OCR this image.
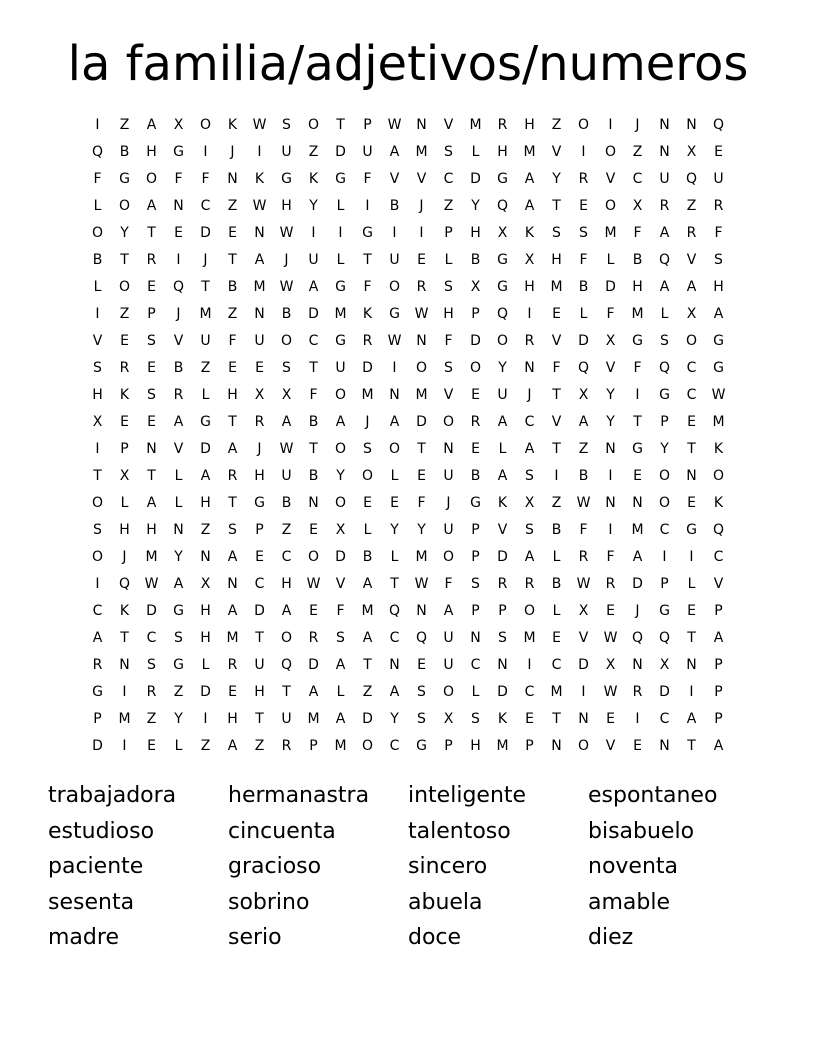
la familia/adjetivos/numeros
I	Z	A	X	O	K	W	S	O	T	P	W	N	V	M	R	H	Z	O	I	J	N	N	Q
Q	B	H	G	I	J	I	U	Z	D	U	A	M	S	L	H	M	V	I	O	Z	N	X	E
F	G	O	F	F	N	K	G	K	G	F	V	V	C	D	G	A	Y	R	V	C	U	Q	U
L	O	A	N	C	Z	W	H	Y	L	I	B	J	Z	Y	Q	A	T	E	O	X	R	Z	R
O	Y	T	E	D	E	N	W	I	I	G	I	I	P	H	X	K	S	S	M	F	A	R	F
B	T	R	I	J	T	A	J	U	L	T	U	E	L	B	G	X	H	F	L	B	Q	V	S
L	O	E	Q	T	B	M	W	A	G	F	O	R	S	X	G	H	M	B	D	H	A	A	H
I	Z	P	J	M	Z	N	B	D	M	K	G	W	H	P	Q	I	E	L	F	M	L	X	A
V	E	S	V	U	F	U	O	C	G	R	W	N	F	D	O	R	V	D	X	G	S	O	G
S	R	E	B	Z	E	E	S	T	U	D	I	O	S	O	Y	N	F	Q	V	F	Q	C	G
H	K	S	R	L	H	X	X	F	O	M	N	M	V	E	U	J	T	X	Y	I	G	C	W
X	E	E	A	G	T	R	A	B	A	J	A	D	O	R	A	C	V	A	Y	T	P	E	M
I	P	N	V	D	A	J	W	T	O	S	O	T	N	E	L	A	T	Z	N	G	Y	T	K
T	X	T	L	A	R	H	U	B	Y	O	L	E	U	B	A	S	I	B	I	E	O	N	O
O	L	A	L	H	T	G	B	N	O	E	E	F	J	G	K	X	Z	W	N	N	O	E	K
S	H	H	N	Z	S	P	Z	E	X	L	Y	Y	U	P	V	S	B	F	I	M	C	G	Q
O	J	M	Y	N	A	E	C	O	D	B	L	M	O	P	D	A	L	R	F	A	I	I	C
I	Q	W	A	X	N	C	H	W	V	A	T	W	F	S	R	R	B	W	R	D	P	L	V
C	K	D	G	H	A	D	A	E	F	M	Q	N	A	P	P	O	L	X	E	J	G	E	P
A	T	C	S	H	M	T	O	R	S	A	C	Q	U	N	S	M	E	V	W	Q	Q	T	A
R	N	S	G	L	R	U	Q	D	A	T	N	E	U	C	N	I	C	D	X	N	X	N	P
G	I	R	Z	D	E	H	T	A	L	Z	A	S	O	L	D	C	M	I	W	R	D	I	P
P	M	Z	Y	I	H	T	U	M	A	D	Y	S	X	S	K	E	T	N	E	I	C	A	P
D	I	E	L	Z	A	Z	R	P	M	O	C	G	P	H	M	P	N	O	V	E	N	T	A
trabajadora	hermanastra	inteligente	espontaneo
estudioso	cincuenta	talentoso	bisabuelo
paciente	gracioso	sincero	noventa
sesenta	sobrino	abuela	amable
madre	serio	doce	diez
